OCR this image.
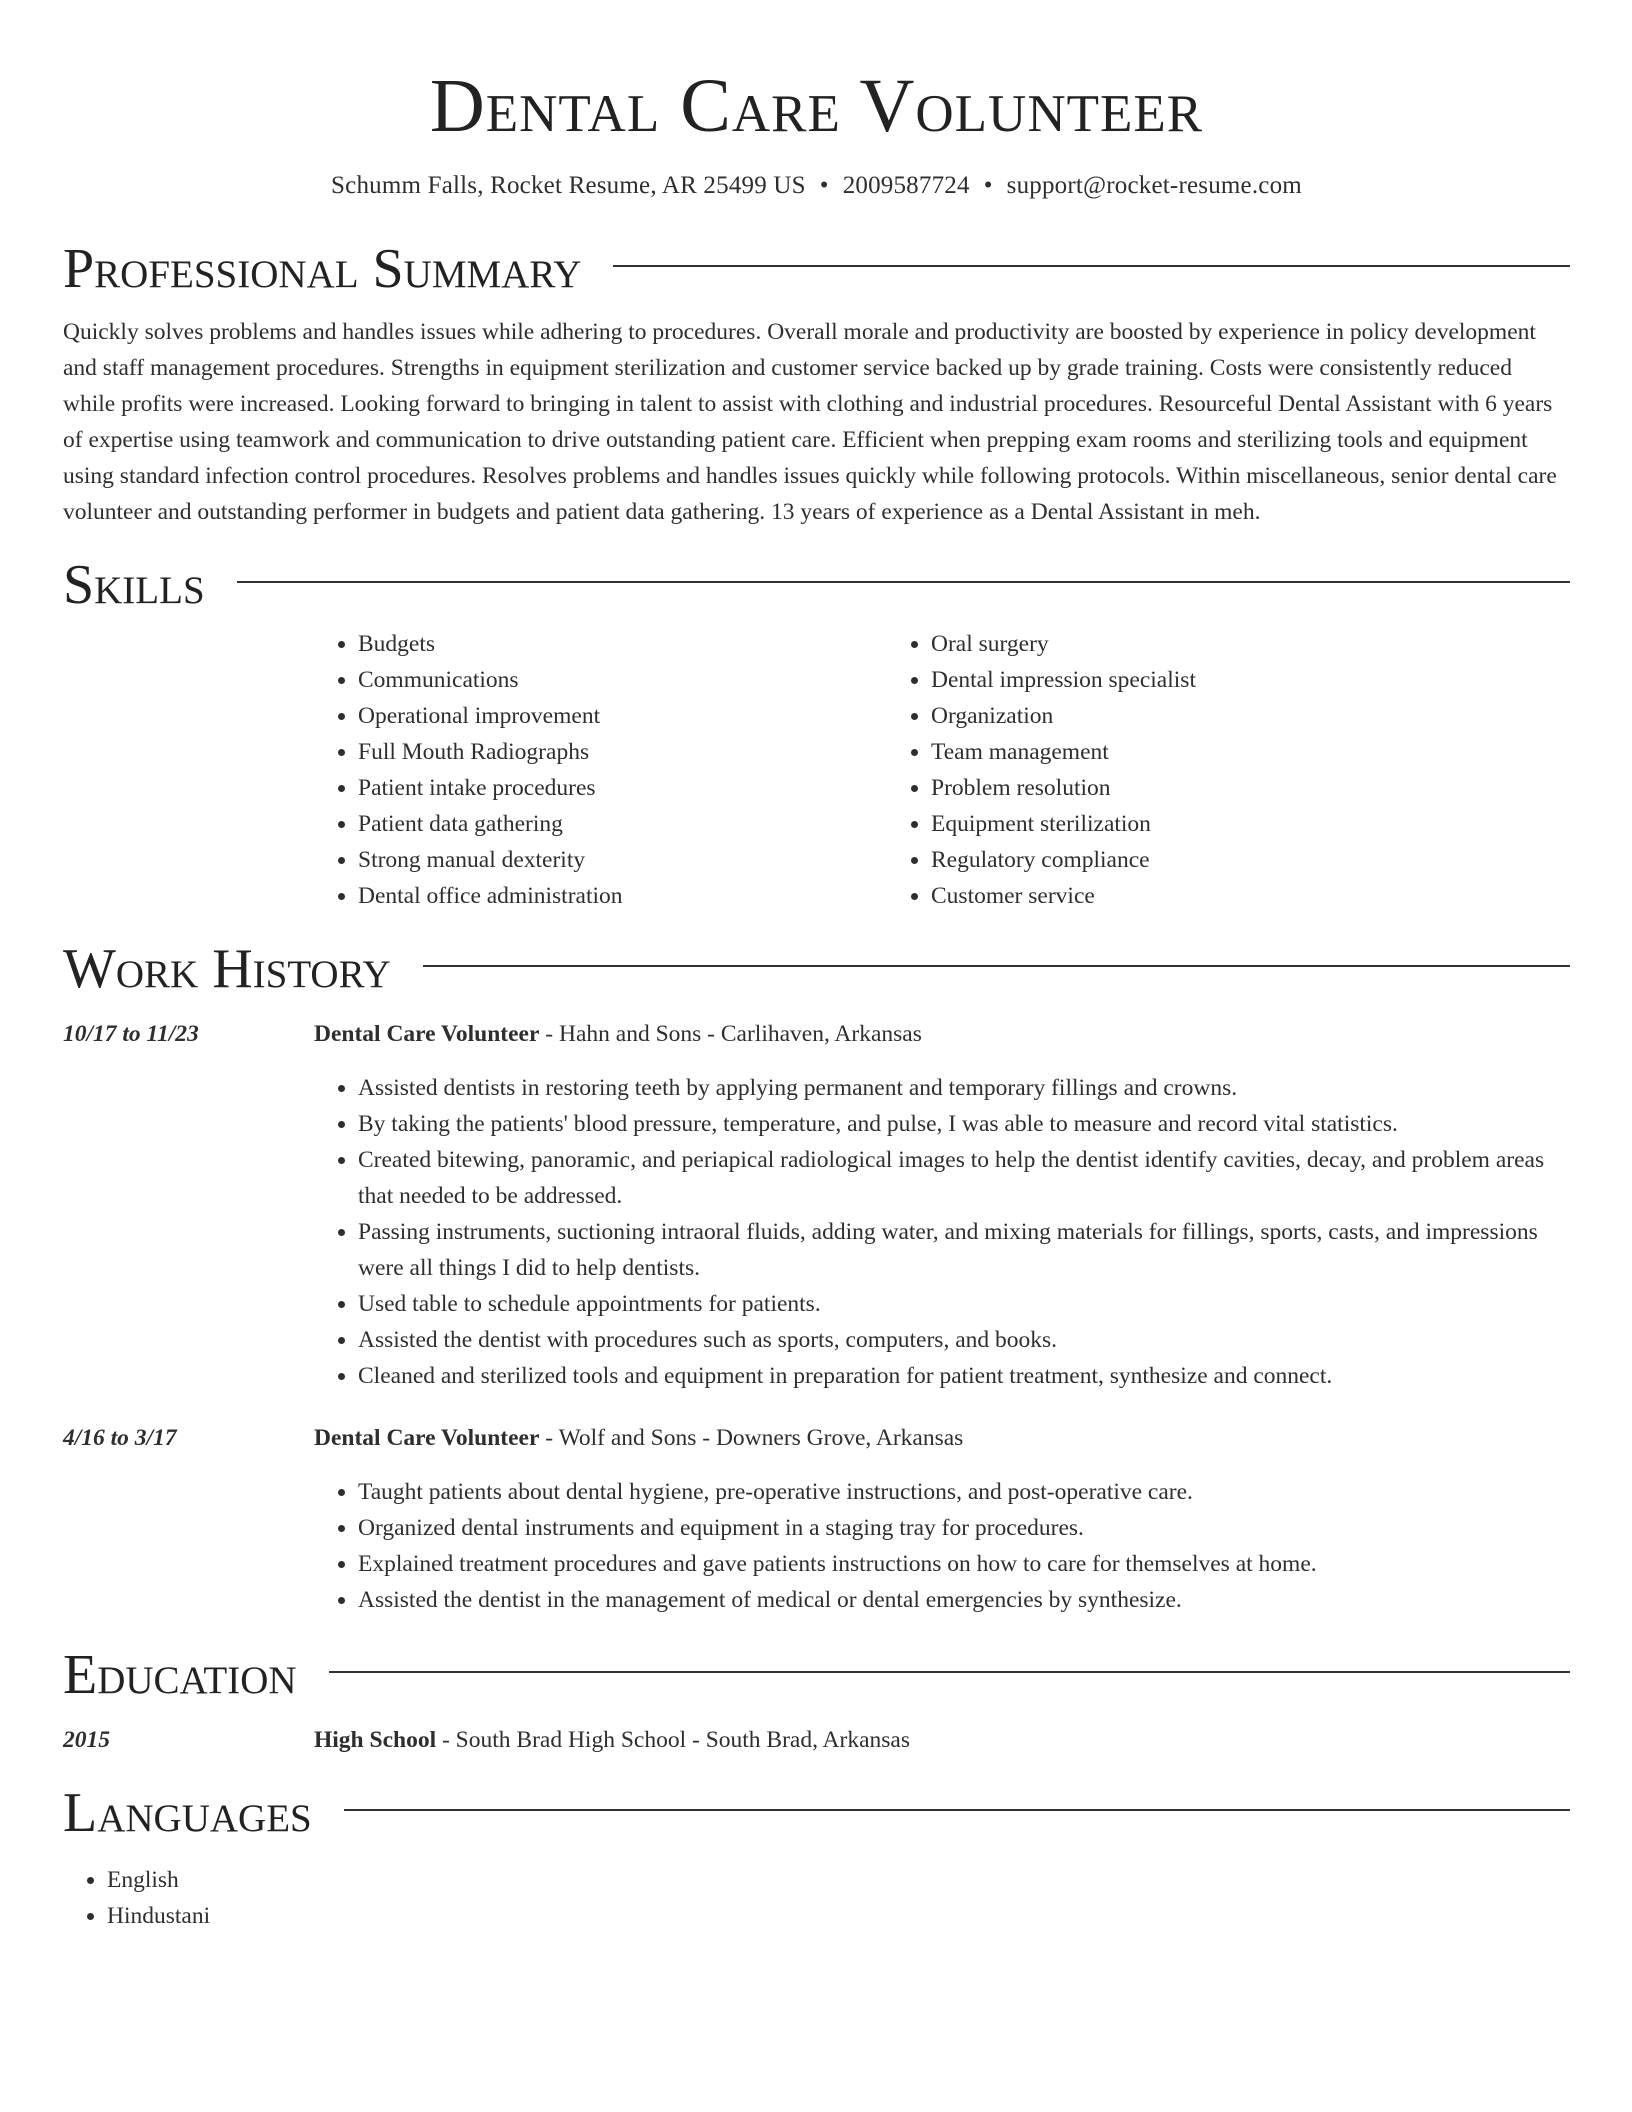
Dental Care Volunteer
Schumm Falls, Rocket Resume, AR 25499 US • 2009587724 • support@rocket-resume.com
Professional Summary

Quickly solves problems and handles issues while adhering to procedures. Overall morale and productivity are boosted by experience in policy development and staff management procedures. Strengths in equipment sterilization and customer service backed up by grade training. Costs were consistently reduced while profits were increased. Looking forward to bringing in talent to assist with clothing and industrial procedures. Resourceful Dental Assistant with 6 years of expertise using teamwork and communication to drive outstanding patient care. Efficient when prepping exam rooms and sterilizing tools and equipment using standard infection control procedures. Resolves problems and handles issues quickly while following protocols. Within miscellaneous, senior dental care volunteer and outstanding performer in budgets and patient data gathering. 13 years of experience as a Dental Assistant in meh.

Skills
• Budgets
• Communications
• Operational improvement
• Full Mouth Radiographs
• Patient intake procedures
• Patient data gathering
• Strong manual dexterity
• Dental office administration
• Oral surgery
• Dental impression specialist
• Organization
• Team management
• Problem resolution
• Equipment sterilization
• Regulatory compliance
• Customer service
Work History
10/17 to 11/23	Dental Care Volunteer - Hahn and Sons - Carlihaven, Arkansas
• Assisted dentists in restoring teeth by applying permanent and temporary fillings and crowns.
• By taking the patients' blood pressure, temperature, and pulse, I was able to measure and record vital statistics.
• Created bitewing, panoramic, and periapical radiological images to help the dentist identify cavities, decay, and problem areas that needed to be addressed.
• Passing instruments, suctioning intraoral fluids, adding water, and mixing materials for fillings, sports, casts, and impressions were all things I did to help dentists.
• Used table to schedule appointments for patients.
• Assisted the dentist with procedures such as sports, computers, and books.
• Cleaned and sterilized tools and equipment in preparation for patient treatment, synthesize and connect.
4/16 to 3/17	Dental Care Volunteer - Wolf and Sons - Downers Grove, Arkansas
• Taught patients about dental hygiene, pre-operative instructions, and post-operative care.
• Organized dental instruments and equipment in a staging tray for procedures.
• Explained treatment procedures and gave patients instructions on how to care for themselves at home.
• Assisted the dentist in the management of medical or dental emergencies by synthesize.
Education
2015	High School - South Brad High School - South Brad, Arkansas
Languages
• English
• Hindustani
